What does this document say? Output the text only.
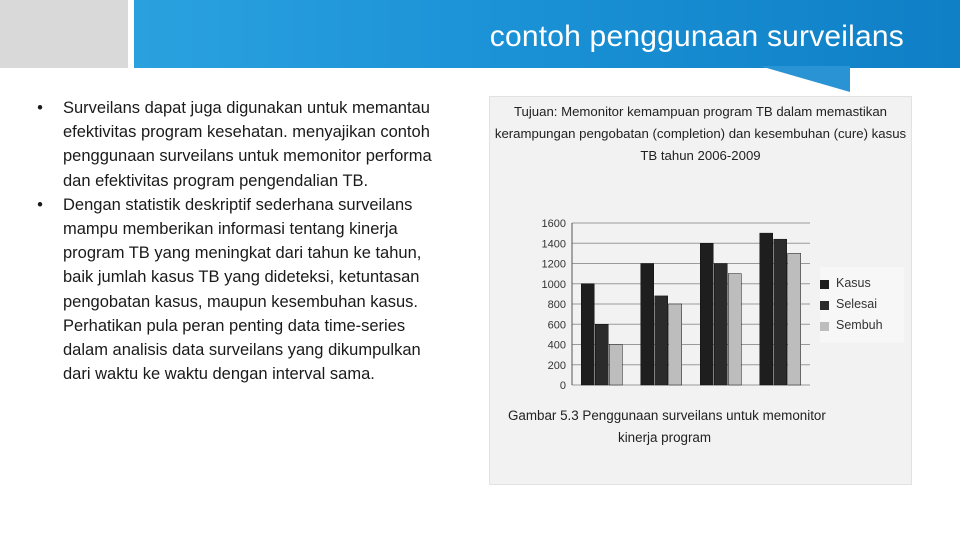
contoh penggunaan surveilans
•	Surveilans dapat juga digunakan untuk memantau efektivitas program kesehatan. menyajikan contoh penggunaan surveilans untuk memonitor performa dan efektivitas program pengendalian TB.
•	Dengan statistik deskriptif sederhana surveilans mampu memberikan informasi tentang kinerja program TB yang meningkat dari tahun ke tahun, baik jumlah kasus TB yang dideteksi, ketuntasan pengobatan kasus, maupun kesembuhan kasus. Perhatikan pula peran penting data time-series dalam analisis data surveilans yang dikumpulkan dari waktu ke waktu dengan interval sama.
Tujuan: Memonitor kemampuan program TB dalam memastikan kerampungan pengobatan (completion) dan kesembuhan (cure) kasus TB tahun 2006-2009
0
200
400
600
800
1000
1200
1400
1600
Kasus
Selesai
Sembuh
Gambar 5.3 Penggunaan surveilans untuk memonitor
kinerja program
